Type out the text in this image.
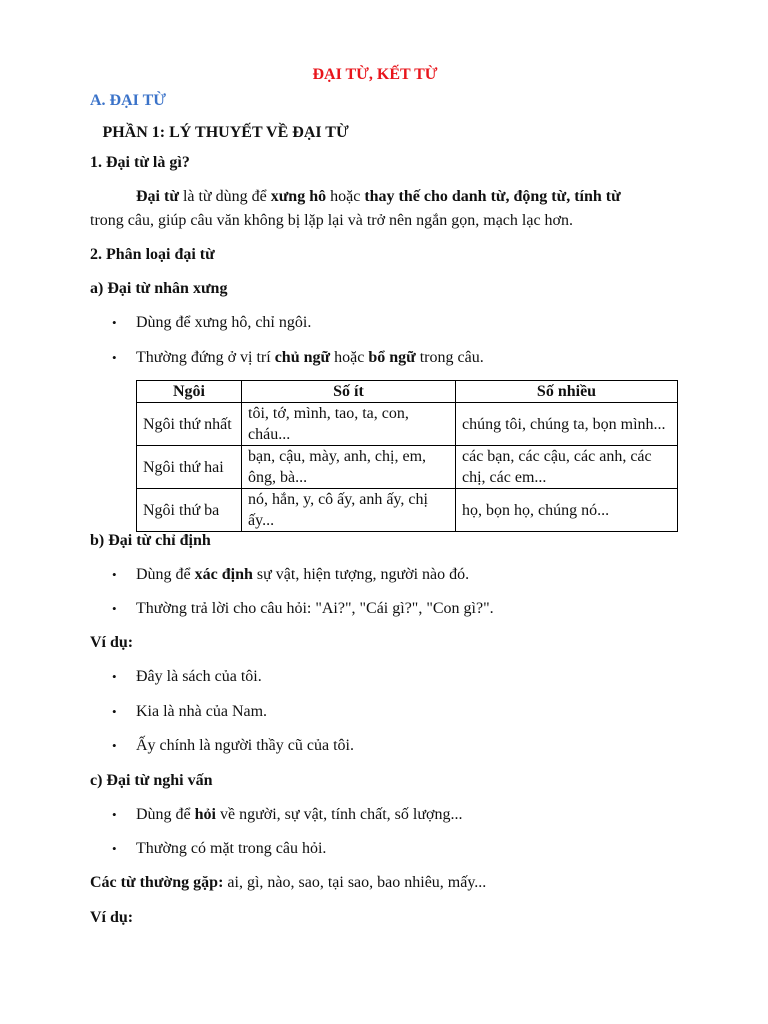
ĐẠI TỪ, KẾT TỪ
A. ĐẠI TỪ
PHẦN 1: LÝ THUYẾT VỀ ĐẠI TỪ
1. Đại từ là gì?
Đại từ là từ dùng để xưng hô hoặc thay thế cho danh từ, động từ, tính từ
trong câu, giúp câu văn không bị lặp lại và trở nên ngắn gọn, mạch lạc hơn.
2. Phân loại đại từ
a) Đại từ nhân xưng
•
Dùng để xưng hô, chỉ ngôi.
•
Thường đứng ở vị trí chủ ngữ hoặc bổ ngữ trong câu.
Ngôi	Số ít	Số nhiều
Ngôi thứ nhất	tôi, tớ, mình, tao, ta, con, cháu...	chúng tôi, chúng ta, bọn mình...
Ngôi thứ hai	bạn, cậu, mày, anh, chị, em, ông, bà...	các bạn, các cậu, các anh, các chị, các em...
Ngôi thứ ba	nó, hắn, y, cô ấy, anh ấy, chị ấy...	họ, bọn họ, chúng nó...
b) Đại từ chỉ định
•
Dùng để xác định sự vật, hiện tượng, người nào đó.
•
Thường trả lời cho câu hỏi: "Ai?", "Cái gì?", "Con gì?".
Ví dụ:
•
Đây là sách của tôi.
•
Kia là nhà của Nam.
•
Ấy chính là người thầy cũ của tôi.
c) Đại từ nghi vấn
•
Dùng để hỏi về người, sự vật, tính chất, số lượng...
•
Thường có mặt trong câu hỏi.
Các từ thường gặp: ai, gì, nào, sao, tại sao, bao nhiêu, mấy...
Ví dụ:
